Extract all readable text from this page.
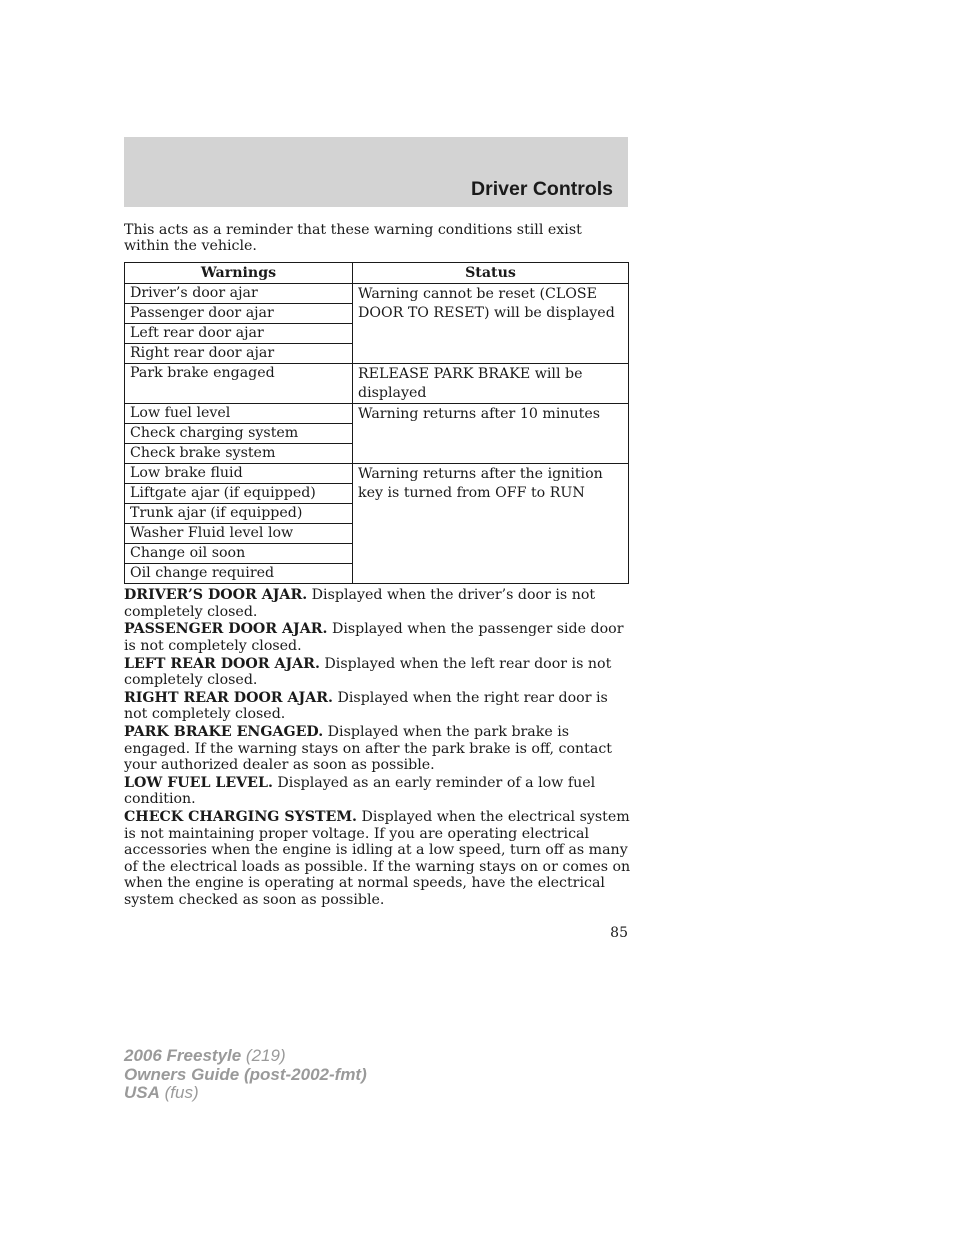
Driver Controls
This acts as a reminder that these warning conditions still exist within the vehicle.
Warnings	Status
Driver’s door ajar	Warning cannot be reset (CLOSE DOOR TO RESET) will be displayed
Passenger door ajar	
Left rear door ajar	
Right rear door ajar	
Park brake engaged	RELEASE PARK BRAKE will be displayed
Low fuel level	Warning returns after 10 minutes
Check charging system	
Check brake system	
Low brake fluid	Warning returns after the ignition key is turned from OFF to RUN
Liftgate ajar (if equipped)	
Trunk ajar (if equipped)	
Washer Fluid level low	
Change oil soon	
Oil change required	

DRIVER’S DOOR AJAR. Displayed when the driver’s door is not completely closed.

PASSENGER DOOR AJAR. Displayed when the passenger side door is not completely closed.

LEFT REAR DOOR AJAR. Displayed when the left rear door is not completely closed.

RIGHT REAR DOOR AJAR. Displayed when the right rear door is not completely closed.

PARK BRAKE ENGAGED. Displayed when the park brake is engaged. If the warning stays on after the park brake is off, contact your authorized dealer as soon as possible.

LOW FUEL LEVEL. Displayed as an early reminder of a low fuel condition.

CHECK CHARGING SYSTEM. Displayed when the electrical system is not maintaining proper voltage. If you are operating electrical accessories when the engine is idling at a low speed, turn off as many of the electrical loads as possible. If the warning stays on or comes on when the engine is operating at normal speeds, have the electrical system checked as soon as possible.

85
2006 Freestyle (219)
Owners Guide (post-2002-fmt)
USA (fus)
